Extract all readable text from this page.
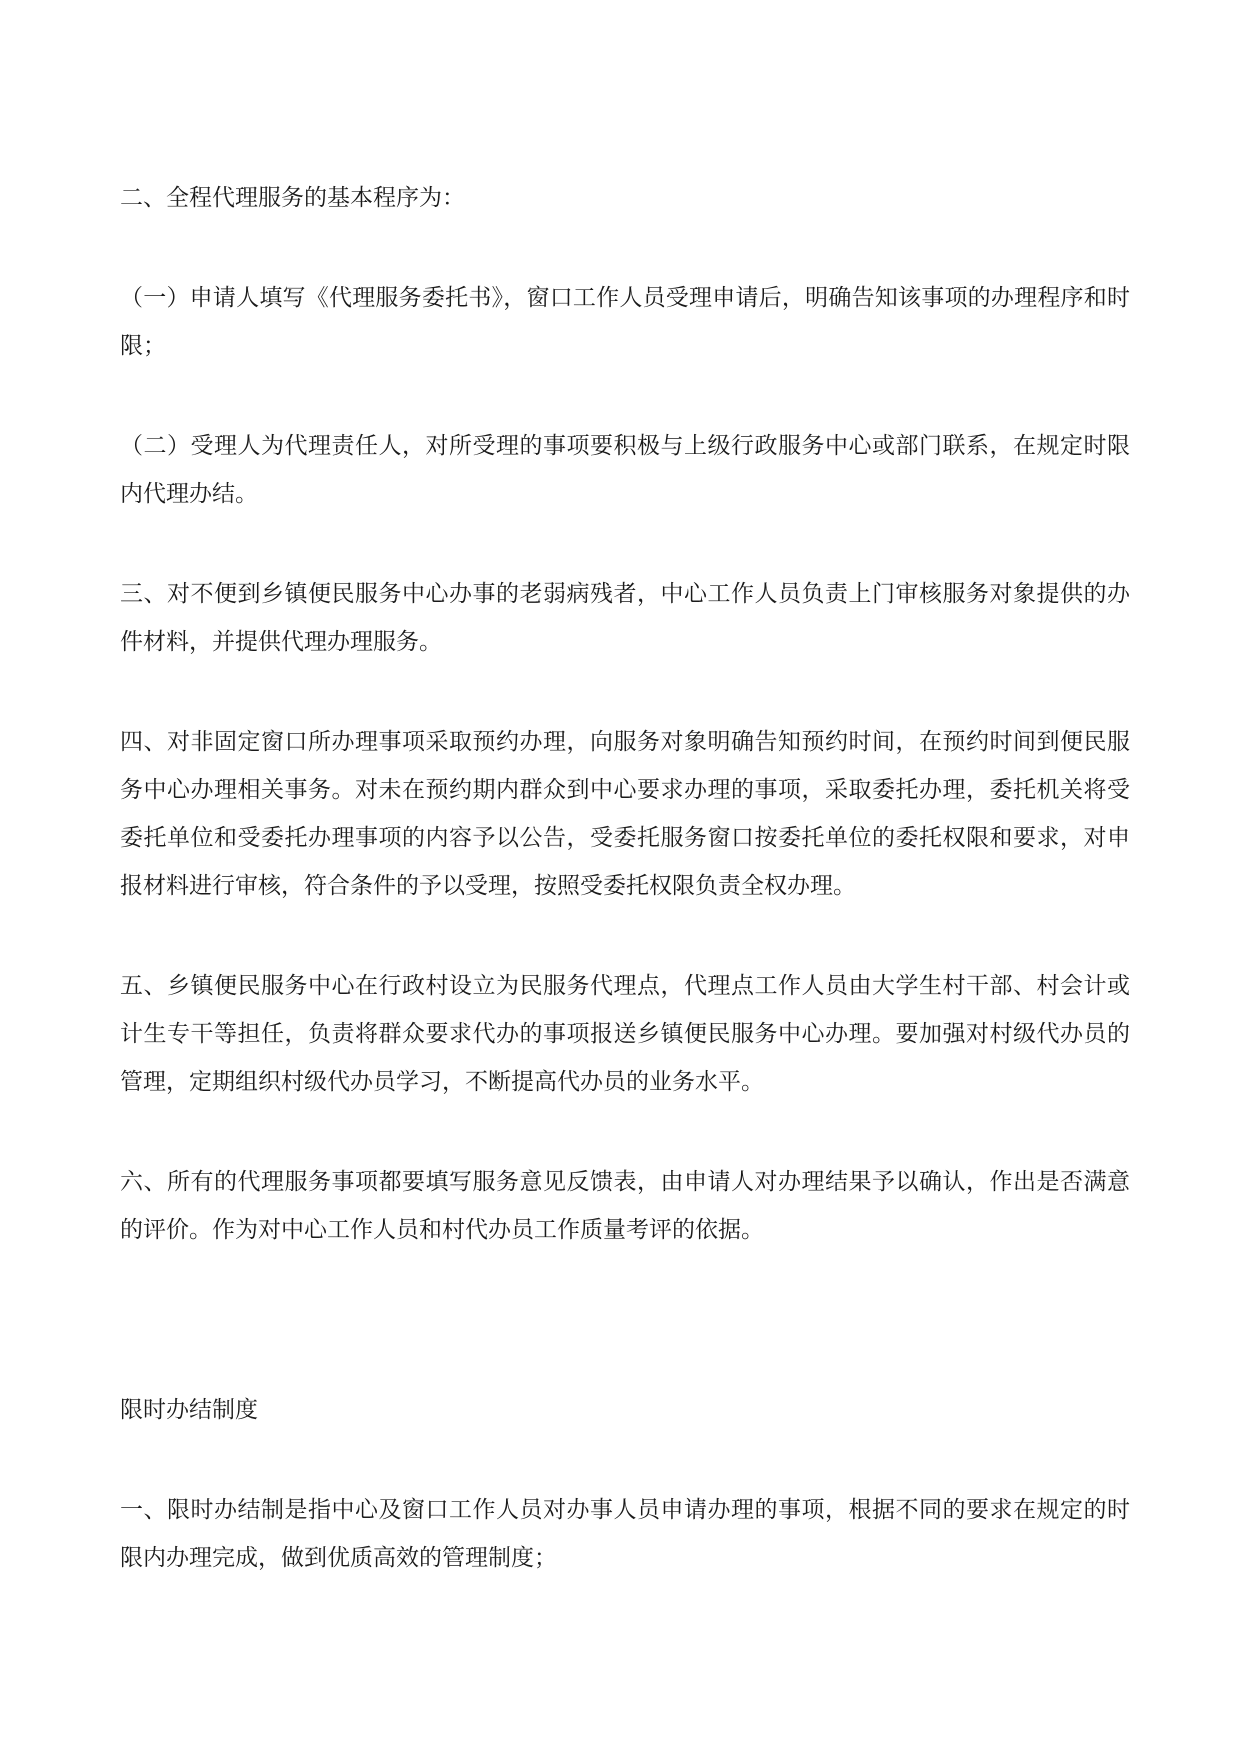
二、全程代理服务的基本程序为：

（一）申请人填写《代理服务委托书》，窗口工作人员受理申请后，明确告知该事项的办理程序和时限；

（二）受理人为代理责任人，对所受理的事项要积极与上级行政服务中心或部门联系，在规定时限内代理办结。

三、对不便到乡镇便民服务中心办事的老弱病残者，中心工作人员负责上门审核服务对象提供的办件材料，并提供代理办理服务。

四、对非固定窗口所办理事项采取预约办理，向服务对象明确告知预约时间，在预约时间到便民服务中心办理相关事务。对未在预约期内群众到中心要求办理的事项，采取委托办理，委托机关将受委托单位和受委托办理事项的内容予以公告，受委托服务窗口按委托单位的委托权限和要求，对申报材料进行审核，符合条件的予以受理，按照受委托权限负责全权办理。

五、乡镇便民服务中心在行政村设立为民服务代理点，代理点工作人员由大学生村干部、村会计或计生专干等担任，负责将群众要求代办的事项报送乡镇便民服务中心办理。要加强对村级代办员的管理，定期组织村级代办员学习，不断提高代办员的业务水平。

六、所有的代理服务事项都要填写服务意见反馈表，由申请人对办理结果予以确认，作出是否满意的评价。作为对中心工作人员和村代办员工作质量考评的依据。

限时办结制度

一、限时办结制是指中心及窗口工作人员对办事人员申请办理的事项，根据不同的要求在规定的时限内办理完成，做到优质高效的管理制度；
